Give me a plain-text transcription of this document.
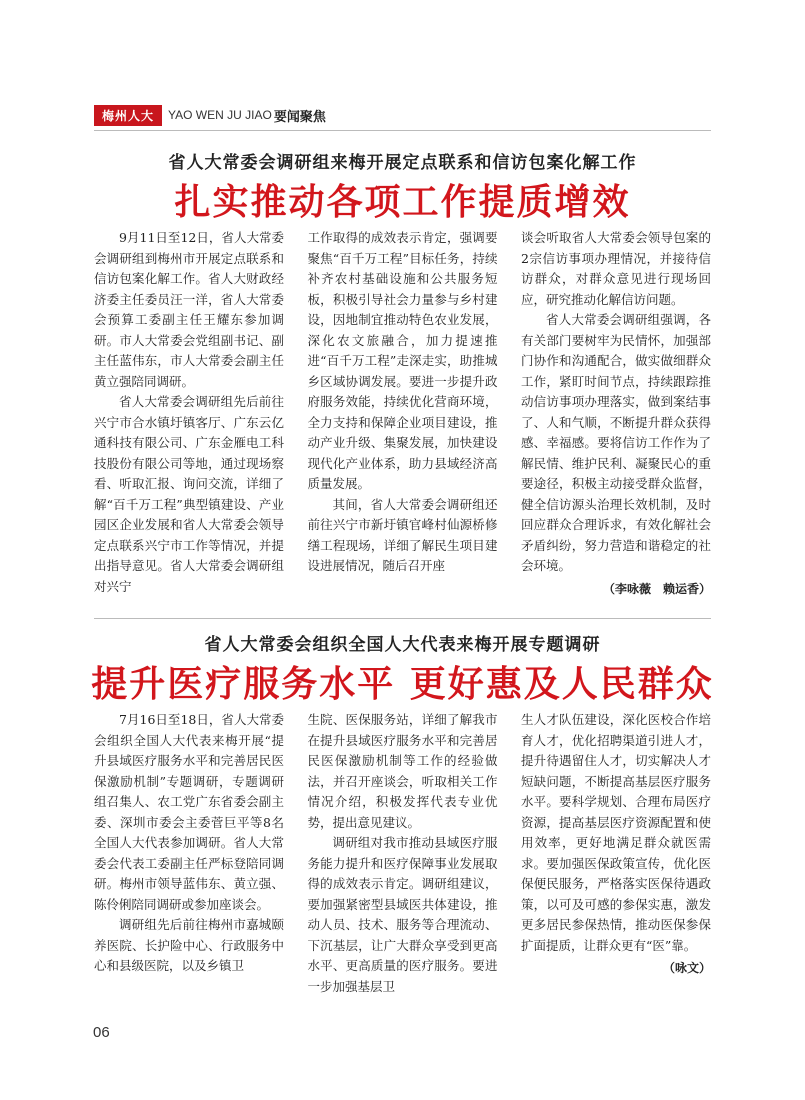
梅州人大	YAO WEN JU JIAO 要闻聚焦
省人大常委会调研组来梅开展定点联系和信访包案化解工作
扎实推动各项工作提质增效

9月11日至12日，省人大常委会调研组到梅州市开展定点联系和信访包案化解工作。省人大财政经济委主任委员汪一洋，省人大常委会预算工委副主任王耀东参加调研。市人大常委会党组副书记、副主任蓝伟东，市人大常委会副主任黄立强陪同调研。

省人大常委会调研组先后前往兴宁市合水镇圩镇客厅、广东云亿通科技有限公司、广东金雁电工科技股份有限公司等地，通过现场察看、听取汇报、询问交流，详细了解“百千万工程”典型镇建设、产业园区企业发展和省人大常委会领导定点联系兴宁市工作等情况，并提出指导意见。省人大常委会调研组对兴宁

工作取得的成效表示肯定，强调要聚焦“百千万工程”目标任务，持续补齐农村基础设施和公共服务短板，积极引导社会力量参与乡村建设，因地制宜推动特色农业发展，深化农文旅融合，加力提速推进“百千万工程”走深走实，助推城乡区域协调发展。要进一步提升政府服务效能，持续优化营商环境，全力支持和保障企业项目建设，推动产业升级、集聚发展，加快建设现代化产业体系，助力县域经济高质量发展。

其间，省人大常委会调研组还前往兴宁市新圩镇官峰村仙源桥修缮工程现场，详细了解民生项目建设进展情况，随后召开座

谈会听取省人大常委会领导包案的2宗信访事项办理情况，并接待信访群众，对群众意见进行现场回应，研究推动化解信访问题。

省人大常委会调研组强调，各有关部门要树牢为民情怀，加强部门协作和沟通配合，做实做细群众工作，紧盯时间节点，持续跟踪推动信访事项办理落实，做到案结事了、人和气顺，不断提升群众获得感、幸福感。要将信访工作作为了解民情、维护民利、凝聚民心的重要途径，积极主动接受群众监督，健全信访源头治理长效机制，及时回应群众合理诉求，有效化解社会矛盾纠纷，努力营造和谐稳定的社会环境。

（李咏薇　赖运香）
省人大常委会组织全国人大代表来梅开展专题调研
提升医疗服务水平 更好惠及人民群众

7月16日至18日，省人大常委会组织全国人大代表来梅开展“提升县域医疗服务水平和完善居民医保激励机制”专题调研，专题调研组召集人、农工党广东省委会副主委、深圳市委会主委菅巨平等8名全国人大代表参加调研。省人大常委会代表工委副主任严标登陪同调研。梅州市领导蓝伟东、黄立强、陈伶俐陪同调研或参加座谈会。

调研组先后前往梅州市嘉城颐养医院、长护险中心、行政服务中心和县级医院，以及乡镇卫

生院、医保服务站，详细了解我市在提升县域医疗服务水平和完善居民医保激励机制等工作的经验做法，并召开座谈会，听取相关工作情况介绍，积极发挥代表专业优势，提出意见建议。

调研组对我市推动县域医疗服务能力提升和医疗保障事业发展取得的成效表示肯定。调研组建议，要加强紧密型县域医共体建设，推动人员、技术、服务等合理流动、下沉基层，让广大群众享受到更高水平、更高质量的医疗服务。要进一步加强基层卫

生人才队伍建设，深化医校合作培育人才，优化招聘渠道引进人才，提升待遇留住人才，切实解决人才短缺问题，不断提高基层医疗服务水平。要科学规划、合理布局医疗资源，提高基层医疗资源配置和使用效率，更好地满足群众就医需求。要加强医保政策宣传，优化医保便民服务，严格落实医保待遇政策，以可及可感的参保实惠，激发更多居民参保热情，推动医保参保扩面提质，让群众更有“医”靠。

（咏文）
06
